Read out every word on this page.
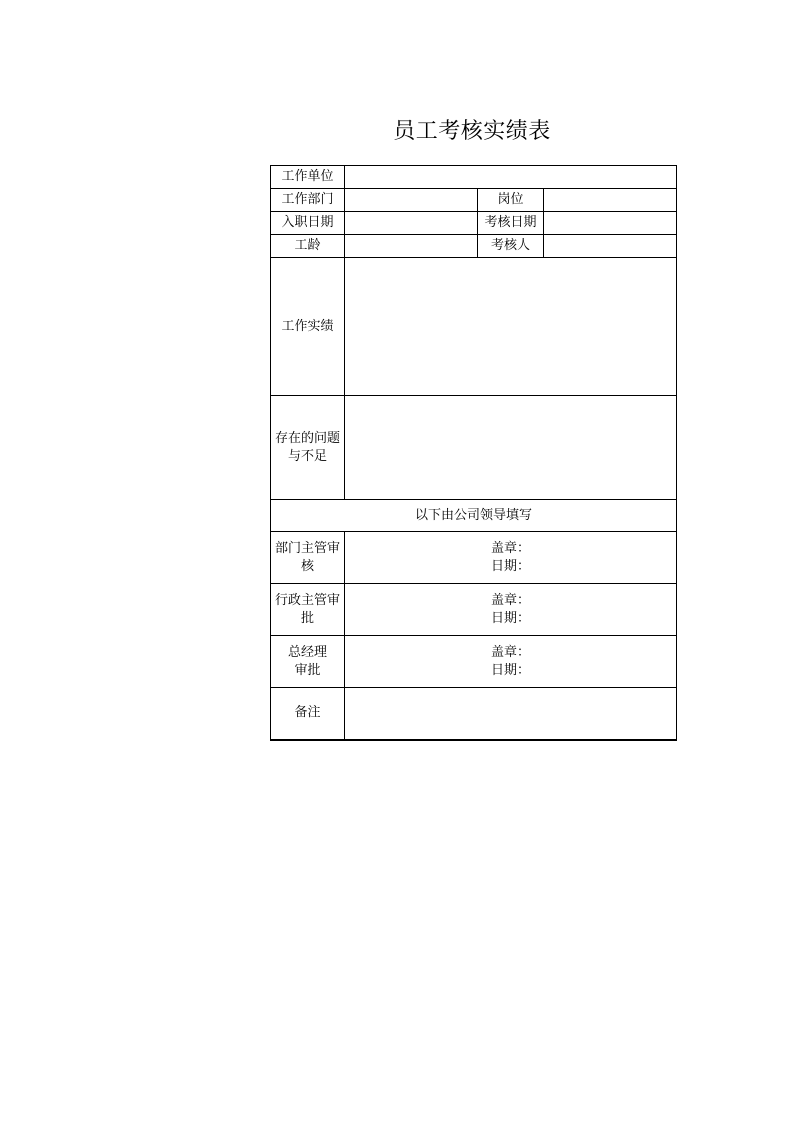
员工考核实绩表
工作单位			
工作部门		岗位	
入职日期		考核日期	
工龄		考核人	

工作实绩			

存在的问题与不足			

以下由公司领导填写			

部门主管审核	盖章：
日期：		

行政主管审批	盖章：
日期：		

总经理审批	盖章：
日期：		

备注			
